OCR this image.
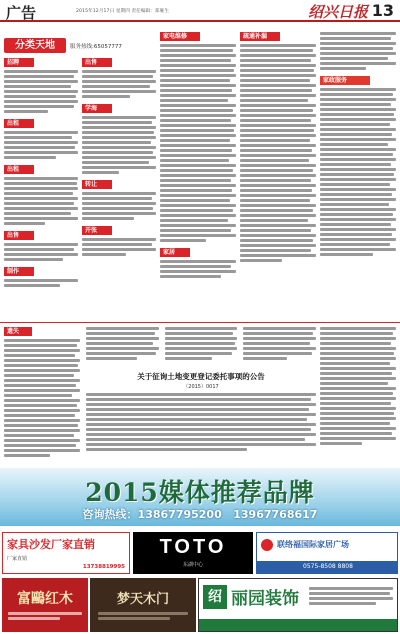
广告	2015年12月17日 星期四 责任编辑：郑雁生	绍兴日报 13
分类天地	服务热线:65057777
招聘
出租
出租
出售
制作
出售
学海
转让
开张
家电维修
家居
疏通补漏
家政服务
遗失
关于征询土地变更登记委托事项的公告
（2015）0017
2015媒体推荐品牌
咨询热线：13867795200 13967768617
家具沙发厂家直销
厂家直销
13738819995
TOTO
东湖中心
联络福国际家居广场
0575-8508 8808
富鷗红木	梦天木门	绍 丽园装饰
